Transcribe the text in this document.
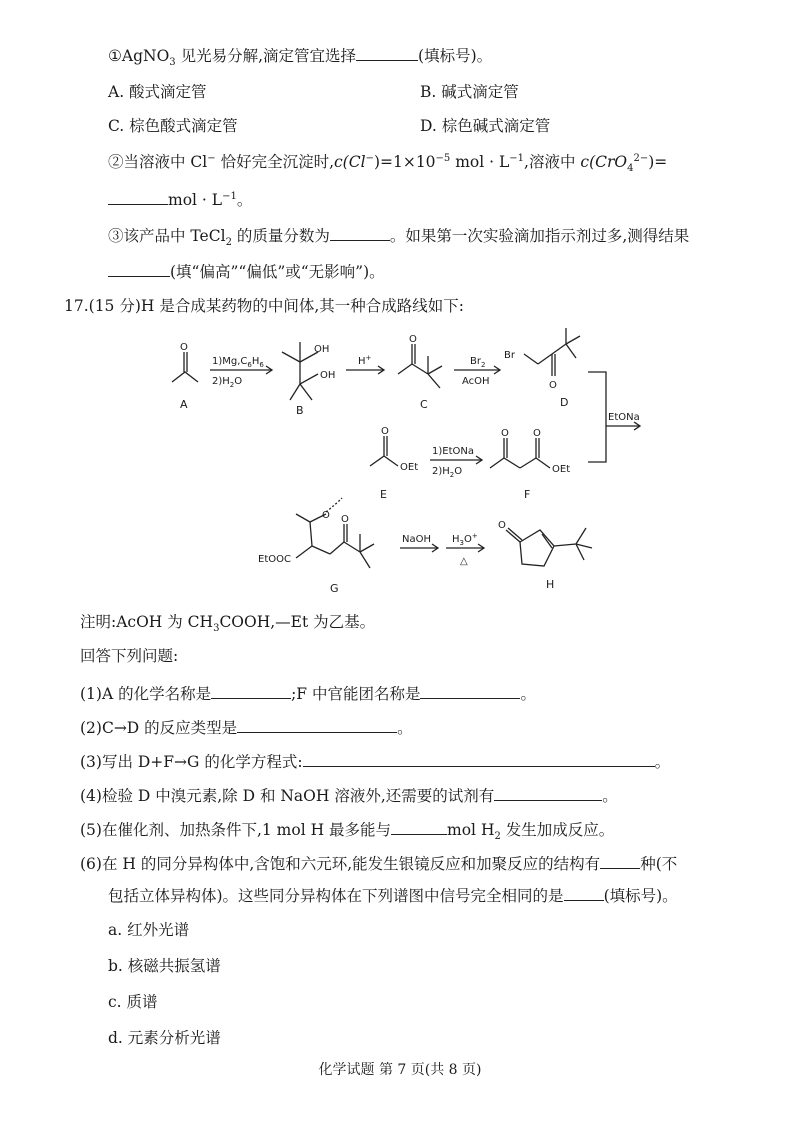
①AgNO$_3$ 见光易分解,滴定管宜选择	(填标号)。
A. 酸式滴定管	B. 碱式滴定管
C. 棕色酸式滴定管	D. 棕色碱式滴定管
②当溶液中 Cl− 恰好完全沉淀时$,c(Cl^-)=1\times 10^{-5}$ mol · $L^{-1}$,溶液中 c(CrO$_4^{2-}$)=
mol · $L^{-1}$。
③该产品中 TeCl$_2$ 的质量分数为	。如果第一次实验滴加指示剂过多,测得结果
(填“偏高”“偏低”或“无影响”)。
17.(15 分)H 是合成某药物的中间体,其一种合成路线如下:
A	B	C	D
E	F
G	H
$1)Mg,C_6H_6$
$2)H_2O$
H+	$Br_2$
AcOH
EtONa
1)EtONa
$2)H_2O$
NaOH $H_3O^+$
△
O	OH
OH
O
Br
O
O
OEt
O O
OEt
O O
EtOOC
O
注明:AcOH 为 $CH_3COOH,—Et$ 为乙基。
回答下列问题:
(1)A 的化学名称是	;F 中官能团名称是	。
(2)C→D 的反应类型是	。
(3)写出 D+F→G 的化学方程式:	。
(4)检验 D 中溴元素,除 D 和 NaOH 溶液外,还需要的试剂有	。
(5)在催化剂、加热条件下,1 mol H 最多能与	mol $H_2$ 发生加成反应。
(6)在 H 的同分异构体中,含饱和六元环,能发生银镜反应和加聚反应的结构有	种(不
包括立体异构体)。这些同分异构体在下列谱图中信号完全相同的是	(填标号)。
a. 红外光谱
b. 核磁共振氢谱
c. 质谱
d. 元素分析光谱
化学试题 第 7 页(共 8 页)
